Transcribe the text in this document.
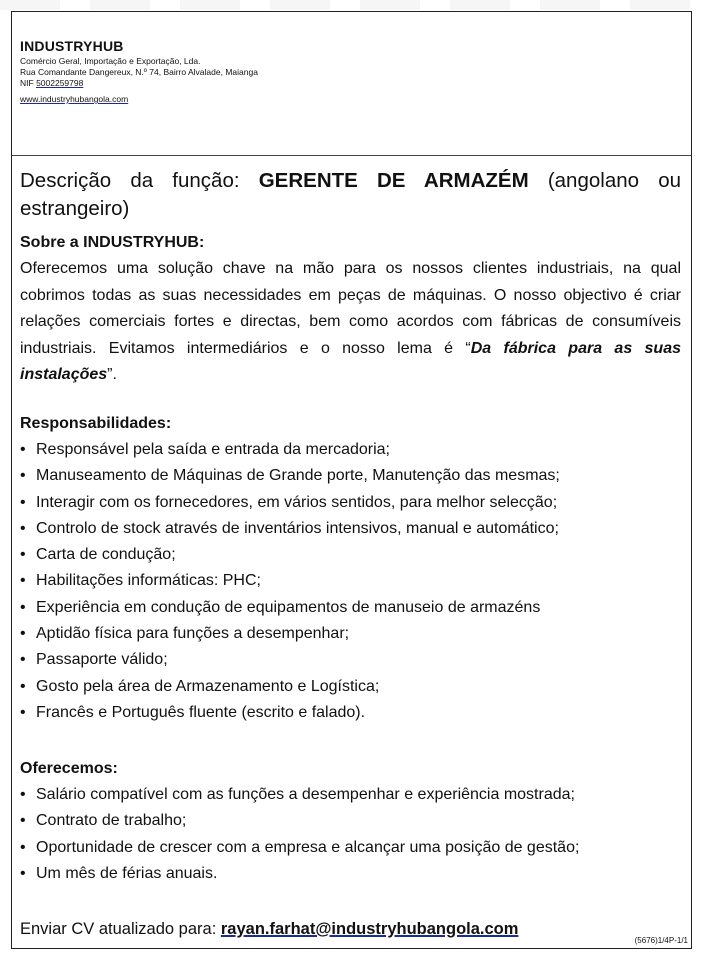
INDUSTRYHUB
Comércio Geral, Importação e Exportação, Lda.
Rua Comandante Dangereux, N.º 74, Bairro Alvalade, Maianga
NIF 5002259798
www.industryhubangola.com
Descrição da função: GERENTE DE ARMAZÉM (angolano ou estrangeiro)

Sobre a INDUSTRYHUB:

Oferecemos uma solução chave na mão para os nossos clientes industriais, na qual cobrimos todas as suas necessidades em peças de máquinas. O nosso objectivo é criar relações comerciais fortes e directas, bem como acordos com fábricas de consumíveis industriais. Evitamos intermediários e o nosso lema é “Da fábrica para as suas instalações”.

Responsabilidades:

• Responsável pela saída e entrada da mercadoria;
• Manuseamento de Máquinas de Grande porte, Manutenção das mesmas;
• Interagir com os fornecedores, em vários sentidos, para melhor selecção;
• Controlo de stock através de inventários intensivos, manual e automático;
• Carta de condução;
• Habilitações informáticas: PHC;
• Experiência em condução de equipamentos de manuseio de armazéns
• Aptidão física para funções a desempenhar;
• Passaporte válido;
• Gosto pela área de Armazenamento e Logística;
• Francês e Português fluente (escrito e falado).

Oferecemos:

• Salário compatível com as funções a desempenhar e experiência mostrada;
• Contrato de trabalho;
• Oportunidade de crescer com a empresa e alcançar uma posição de gestão;
• Um mês de férias anuais.
Enviar CV atualizado para: rayan.farhat@industryhubangola.com
(5676)1/4P-1/1
